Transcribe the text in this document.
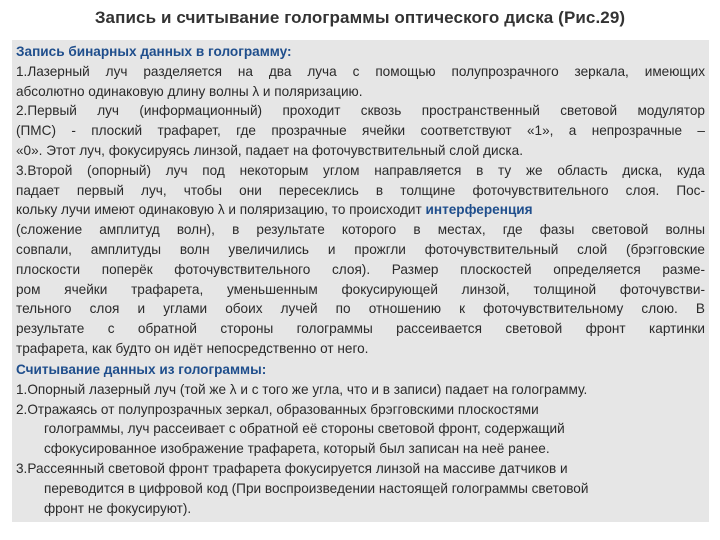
Запись и считывание голограммы оптического диска (Рис.29)
Запись бинарных данных в голограмму:
1.Лазерный луч разделяется на два луча с помощью полупрозрачного зеркала, имеющих
абсолютно одинаковую длину волны λ и поляризацию.
2.Первый луч (информационный) проходит сквозь пространственный световой модулятор
(ПМС) - плоский трафарет, где прозрачные ячейки соответствуют «1», а непрозрачные –
«0». Этот луч, фокусируясь линзой, падает на фоточувствительный слой диска.
3.Второй (опорный) луч под некоторым углом направляется в ту же область диска, куда
падает первый луч, чтобы они пересеклись в толщине фоточувствительного слоя. Пос-
кольку лучи имеют одинаковую λ и поляризацию, то происходит интерференция
(сложение амплитуд волн), в результате которого в местах, где фазы световой волны
совпали, амплитуды волн увеличились и прожгли фоточувствительный слой (брэгговские
плоскости поперёк фоточувствительного слоя). Размер плоскостей определяется разме-
ром ячейки трафарета, уменьшенным фокусирующей линзой, толщиной фоточувстви-
тельного слоя и углами обоих лучей по отношению к фоточувствительному слою. В
результате с обратной стороны голограммы рассеивается световой фронт картинки
трафарета, как будто он идёт непосредственно от него.
Считывание данных из голограммы:
1.Опорный лазерный луч (той же λ и с того же угла, что и в записи) падает на голограмму.
2.Отражаясь от полупрозрачных зеркал, образованных брэгговскими плоскостями
голограммы, луч рассеивает с обратной её стороны световой фронт, содержащий
сфокусированное изображение трафарета, который был записан на неё ранее.
3.Рассеянный световой фронт трафарета фокусируется линзой на массиве датчиков и
переводится в цифровой код (При воспроизведении настоящей голограммы световой
фронт не фокусируют).
